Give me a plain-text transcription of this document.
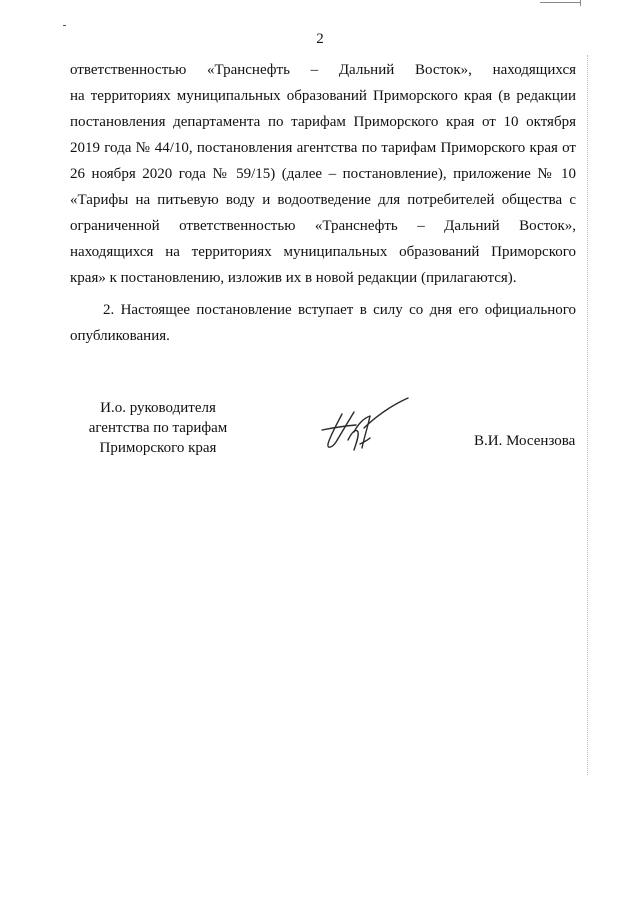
2
ответственностью «Транснефть – Дальний Восток», находящихся
на территориях муниципальных образований Приморского края (в редакции
постановления департамента по тарифам Приморского края от 10 октября
2019 года № 44/10, постановления агентства по тарифам Приморского края от
26 ноября 2020 года № 59/15) (далее – постановление), приложение № 10
«Тарифы на питьевую воду и водоотведение для потребителей общества с
ограниченной ответственностью «Транснефть – Дальний Восток»,
находящихся на территориях муниципальных образований Приморского
края» к постановлению, изложив их в новой редакции (прилагаются).
2. Настоящее постановление вступает в силу со дня его официального
опубликования.
И.о. руководителя
агентства по тарифам
Приморского края	В.И. Мосензова
